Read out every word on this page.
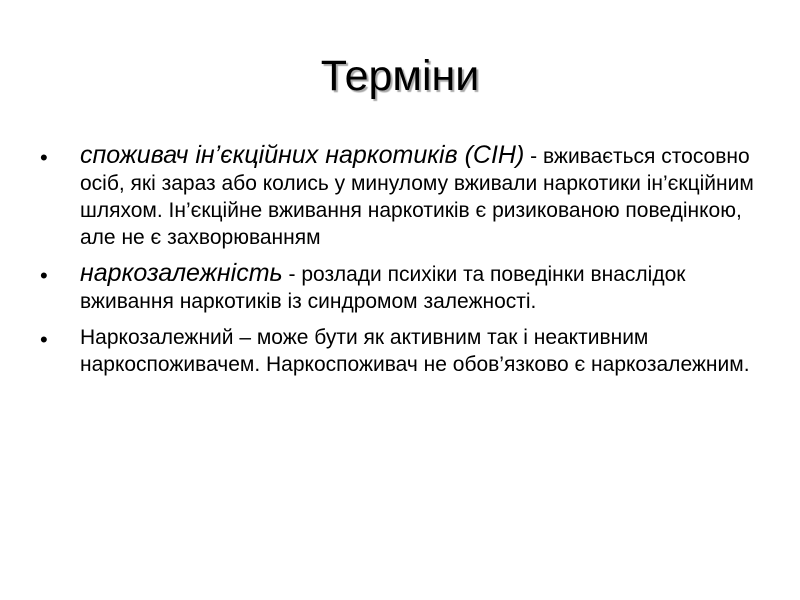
Терміни
• споживач ін’єкційних наркотиків (СІН) - вживається стосовно осіб, які зараз або колись у минулому вживали наркотики ін’єкційним шляхом. Ін’єкційне вживання наркотиків є ризикованою поведінкою, але не є захворюванням
• наркозалежність - розлади психіки та поведінки внаслідок вживання наркотиків із синдромом залежності.
• Наркозалежний – може бути як активним так і неактивним наркоспоживачем. Наркоспоживач не обов’язково є наркозалежним.
